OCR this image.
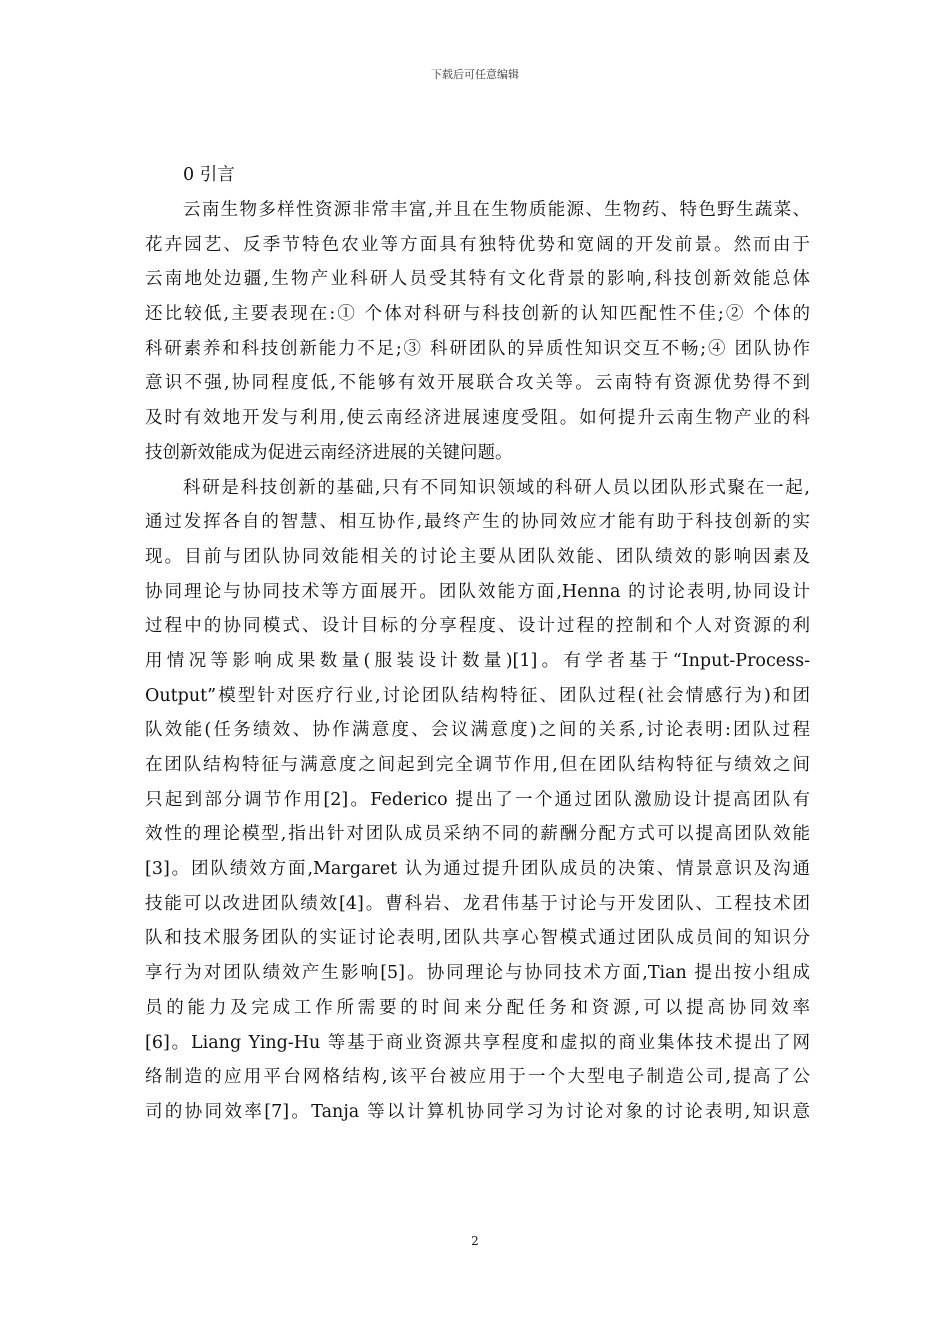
下载后可任意编辑
0 引言

云南生物多样性资源非常丰富,并且在生物质能源、生物药、特色野生蔬菜、
花卉园艺、反季节特色农业等方面具有独特优势和宽阔的开发前景。然而由于
云南地处边疆,生物产业科研人员受其特有文化背景的影响,科技创新效能总体
还比较低,主要表现在:① 个体对科研与科技创新的认知匹配性不佳;② 个体的
科研素养和科技创新能力不足;③ 科研团队的异质性知识交互不畅;④ 团队协作
意识不强,协同程度低,不能够有效开展联合攻关等。云南特有资源优势得不到
及时有效地开发与利用,使云南经济进展速度受阻。如何提升云南生物产业的科
技创新效能成为促进云南经济进展的关键问题。

科研是科技创新的基础,只有不同知识领域的科研人员以团队形式聚在一起,
通过发挥各自的智慧、相互协作,最终产生的协同效应才能有助于科技创新的实
现。目前与团队协同效能相关的讨论主要从团队效能、团队绩效的影响因素及
协同理论与协同技术等方面展开。团队效能方面,Henna 的讨论表明,协同设计
过程中的协同模式、设计目标的分享程度、设计过程的控制和个人对资源的利
用情况等影响成果数量(服装设计数量)[1]。有学者基于“Input-Process-
Output”模型针对医疗行业,讨论团队结构特征、团队过程(社会情感行为)和团
队效能(任务绩效、协作满意度、会议满意度)之间的关系,讨论表明:团队过程
在团队结构特征与满意度之间起到完全调节作用,但在团队结构特征与绩效之间
只起到部分调节作用[2]。Federico 提出了一个通过团队激励设计提高团队有
效性的理论模型,指出针对团队成员采纳不同的薪酬分配方式可以提高团队效能
[3]。团队绩效方面,Margaret 认为通过提升团队成员的决策、情景意识及沟通
技能可以改进团队绩效[4]。曹科岩、龙君伟基于讨论与开发团队、工程技术团
队和技术服务团队的实证讨论表明,团队共享心智模式通过团队成员间的知识分
享行为对团队绩效产生影响[5]。协同理论与协同技术方面,Tian 提出按小组成
员的能力及完成工作所需要的时间来分配任务和资源,可以提高协同效率
[6]。Liang Ying-Hu 等基于商业资源共享程度和虚拟的商业集体技术提出了网
络制造的应用平台网格结构,该平台被应用于一个大型电子制造公司,提高了公
司的协同效率[7]。Tanja 等以计算机协同学习为讨论对象的讨论表明,知识意

2
